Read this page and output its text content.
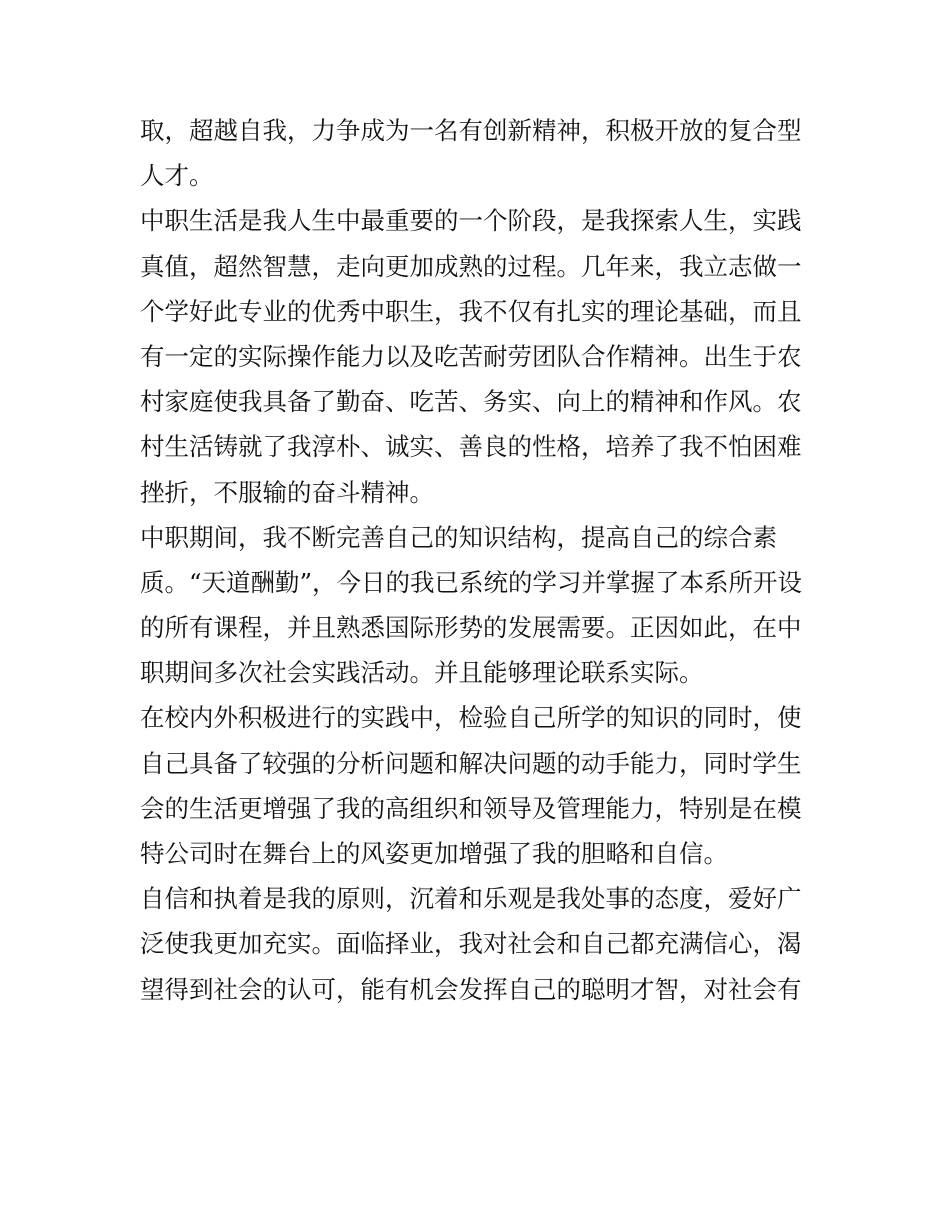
取，超越自我，力争成为一名有创新精神，积极开放的复合型
人才。
中职生活是我人生中最重要的一个阶段，是我探索人生，实践
真值，超然智慧，走向更加成熟的过程。几年来，我立志做一
个学好此专业的优秀中职生，我不仅有扎实的理论基础，而且
有一定的实际操作能力以及吃苦耐劳团队合作精神。出生于农
村家庭使我具备了勤奋、吃苦、务实、向上的精神和作风。农
村生活铸就了我淳朴、诚实、善良的性格，培养了我不怕困难
挫折，不服输的奋斗精神。
中职期间，我不断完善自己的知识结构，提高自己的综合素
质。“天道酬勤”，今日的我已系统的学习并掌握了本系所开设
的所有课程，并且熟悉国际形势的发展需要。正因如此，在中
职期间多次社会实践活动。并且能够理论联系实际。
在校内外积极进行的实践中，检验自己所学的知识的同时，使
自己具备了较强的分析问题和解决问题的动手能力，同时学生
会的生活更增强了我的高组织和领导及管理能力，特别是在模
特公司时在舞台上的风姿更加增强了我的胆略和自信。
自信和执着是我的原则，沉着和乐观是我处事的态度，爱好广
泛使我更加充实。面临择业，我对社会和自己都充满信心，渴
望得到社会的认可，能有机会发挥自己的聪明才智，对社会有
